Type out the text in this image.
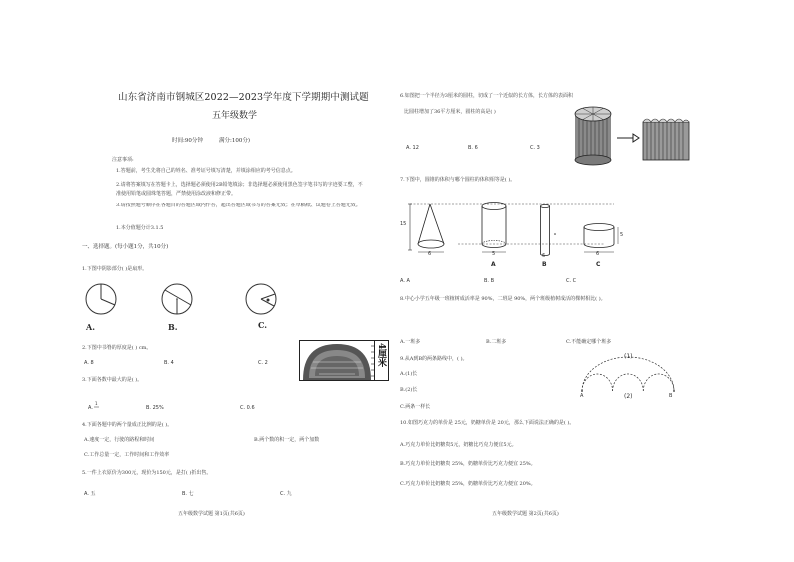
山东省济南市钢城区2022—2023学年度下学期期中测试题
五年级数学
时间:90分钟	满分:100分)
注意事项:
1.答题前，考生先将自己的姓名、准考证号填写清楚，并填涂相应的考号信息点。
2.请将答案填写在答题卡上，选择题必须使用2B铅笔填涂；非选择题必须使用黑色签字笔书写的字迹要工整，不准使用铅笔或圆珠笔答题，严禁使用涂改液和修正带。
3.请按照题号顺序在各题目的答题区域内作答，超出答题区域书写的答案无效；在草稿纸、试题卷上答题无效。
1.本分值题分计3.1.5
一、选择题。(每小题1分，共10分)
1.下图中阴影部分( )是扇形。
A.	B.	C.
2.下图中书脊的厚度是( ) cm。
A. 8	B. 4	C. 2	4厘米
3.下面各数中最大的是( )。
A.
1
B. 25%	C. 0.6
4.下面各题中的两个量成正比例的是( )。
A.速度一定，行驶的路程和时间	B.两个数的积一定，两个加数
C.工作总量一定，工作时间和工作效率
5.一件上衣原价为300元，现价为150元，是打( )折出售。
A. 五	B. 七	C. 九
五年级数学试题 第1页(共6页)
6.如图把一个半径为3厘米的圆柱，切成了一个近似的长方体，长方体的表面积
比圆柱增加了36平方厘米，圆柱的高是( )
A. 12	B. 6	C. 3
7.下图中，圆锥的体积与哪个圆柱的体积相等是( )。
15
6	5	6	6
5
A	B	C
A. A	B. B	C. C
8.中心小学五年级一班植树成活率是 90%，二班是 90%，两个班级植树成活的棵树相比( )。
A.一班多	B.二班多	C.不能确定哪个班多
9.从A到B的两条路线中，( )。
A.(1)长
B.(2)长
C.两条一样长
(1)
(2)
A	B
10.如图巧克力的单价是 25元，奶糖单价是 20元，那么下面说法正确的是( )。
A.巧克力单价比奶糖贵5元，奶糖比巧克力便宜5元。
B.巧克力单价比奶糖贵 25%，奶糖单价比巧克力便宜 25%。
C.巧克力单价比奶糖贵 25%，奶糖单价比巧克力便宜 20%。
五年级数学试题 第2页(共6页)
